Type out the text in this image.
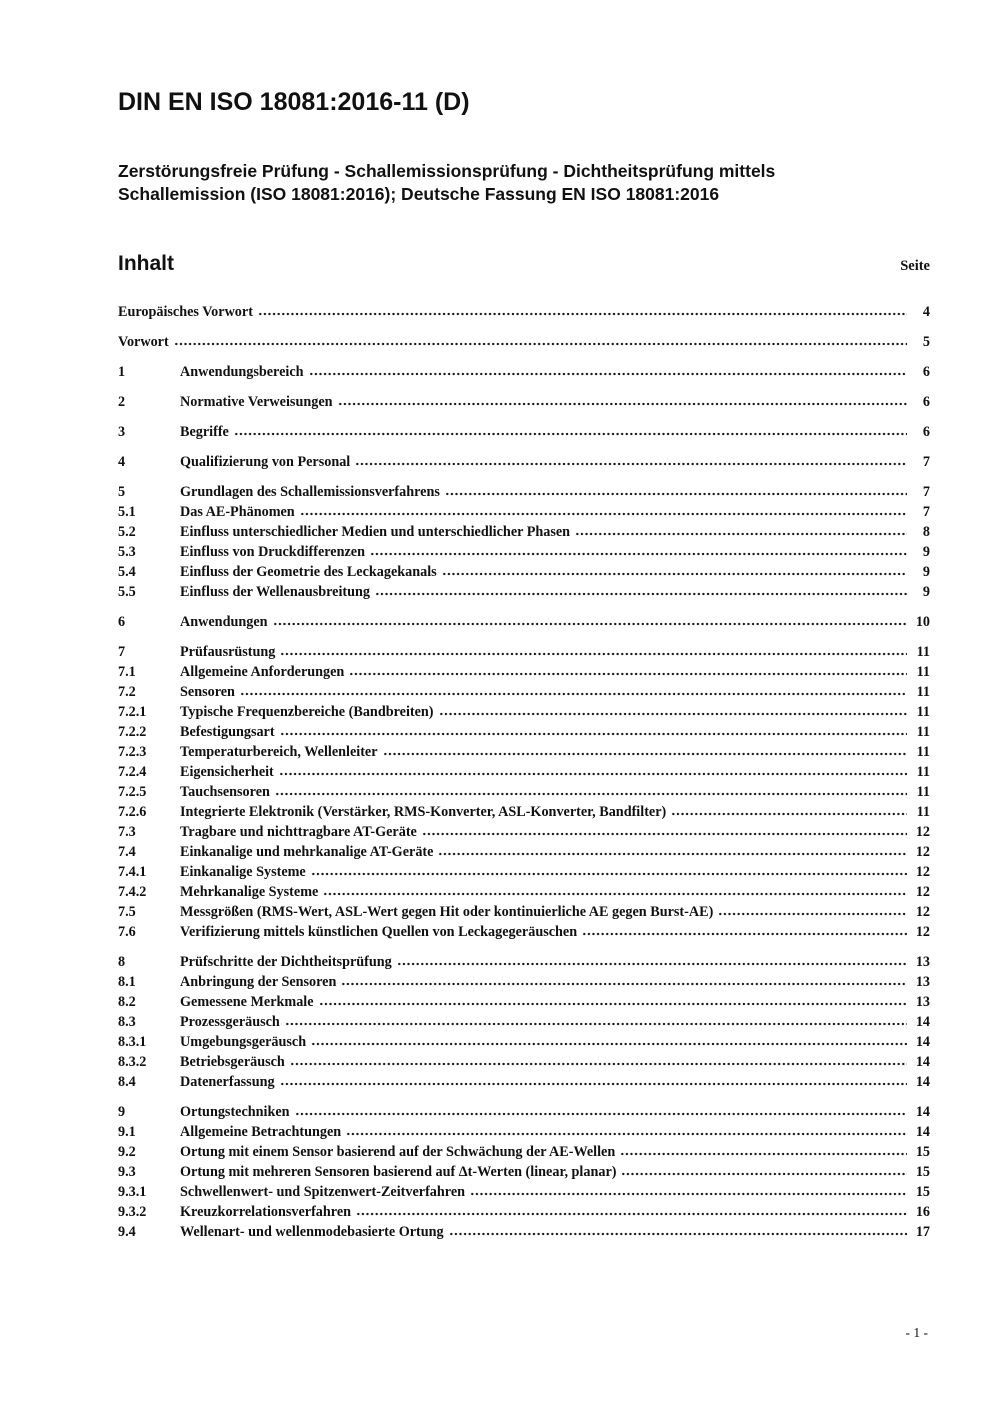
DIN EN ISO 18081:2016-11 (D)
Zerstörungsfreie Prüfung - Schallemissionsprüfung - Dichtheitsprüfung mittels Schallemission (ISO 18081:2016); Deutsche Fassung EN ISO 18081:2016
Inhalt	Seite
Europäisches Vorwort	4
Vorwort	5
1	Anwendungsbereich	6
2	Normative Verweisungen	6
3	Begriffe	6
4	Qualifizierung von Personal	7
5	Grundlagen des Schallemissionsverfahrens	7
5.1	Das AE-Phänomen	7
5.2	Einfluss unterschiedlicher Medien und unterschiedlicher Phasen	8
5.3	Einfluss von Druckdifferenzen	9
5.4	Einfluss der Geometrie des Leckagekanals	9
5.5	Einfluss der Wellenausbreitung	9
6	Anwendungen	10
7	Prüfausrüstung	11
7.1	Allgemeine Anforderungen	11
7.2	Sensoren	11
7.2.1	Typische Frequenzbereiche (Bandbreiten)	11
7.2.2	Befestigungsart	11
7.2.3	Temperaturbereich, Wellenleiter	11
7.2.4	Eigensicherheit	11
7.2.5	Tauchsensoren	11
7.2.6	Integrierte Elektronik (Verstärker, RMS-Konverter, ASL-Konverter, Bandfilter)	11
7.3	Tragbare und nichttragbare AT-Geräte	12
7.4	Einkanalige und mehrkanalige AT-Geräte	12
7.4.1	Einkanalige Systeme	12
7.4.2	Mehrkanalige Systeme	12
7.5	Messgrößen (RMS-Wert, ASL-Wert gegen Hit oder kontinuierliche AE gegen Burst-AE)	12
7.6	Verifizierung mittels künstlichen Quellen von Leckagegeräuschen	12
8	Prüfschritte der Dichtheitsprüfung	13
8.1	Anbringung der Sensoren	13
8.2	Gemessene Merkmale	13
8.3	Prozessgeräusch	14
8.3.1	Umgebungsgeräusch	14
8.3.2	Betriebsgeräusch	14
8.4	Datenerfassung	14
9	Ortungstechniken	14
9.1	Allgemeine Betrachtungen	14
9.2	Ortung mit einem Sensor basierend auf der Schwächung der AE-Wellen	15
9.3	Ortung mit mehreren Sensoren basierend auf Δt-Werten (linear, planar)	15
9.3.1	Schwellenwert- und Spitzenwert-Zeitverfahren	15
9.3.2	Kreuzkorrelationsverfahren	16
9.4	Wellenart- und wellenmodebasierte Ortung	17
- 1 -
